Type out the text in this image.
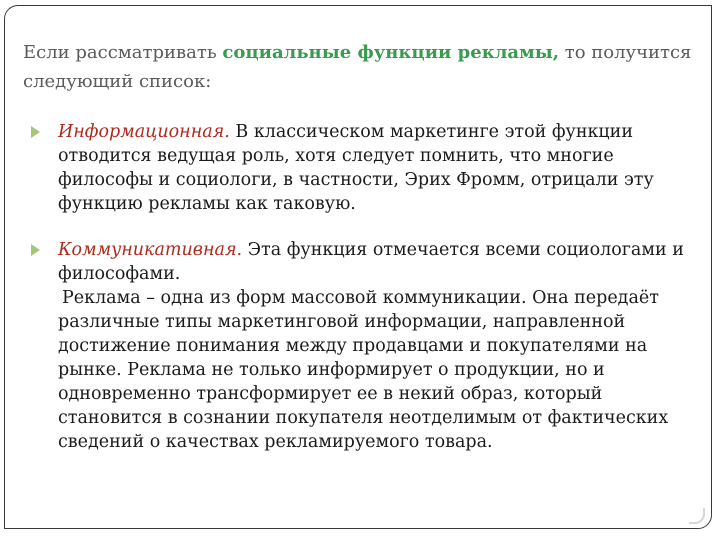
Если рассматривать социальные функции рекламы, то получится следующий список:

Информационная. В классическом маркетинге этой функции отводится ведущая роль, хотя следует помнить, что многие философы и социологи, в частности, Эрих Фромм, отрицали эту функцию рекламы как таковую.
Коммуникативная. Эта функция отмечается всеми социологами и философами.
Реклама – одна из форм массовой коммуникации. Она передаёт различные типы маркетинговой информации, направленной достижение понимания между продавцами и покупателями на рынке. Реклама не только информирует о продукции, но и одновременно трансформирует ее в некий образ, который становится в сознании покупателя неотделимым от фактических сведений о качествах рекламируемого товара.
